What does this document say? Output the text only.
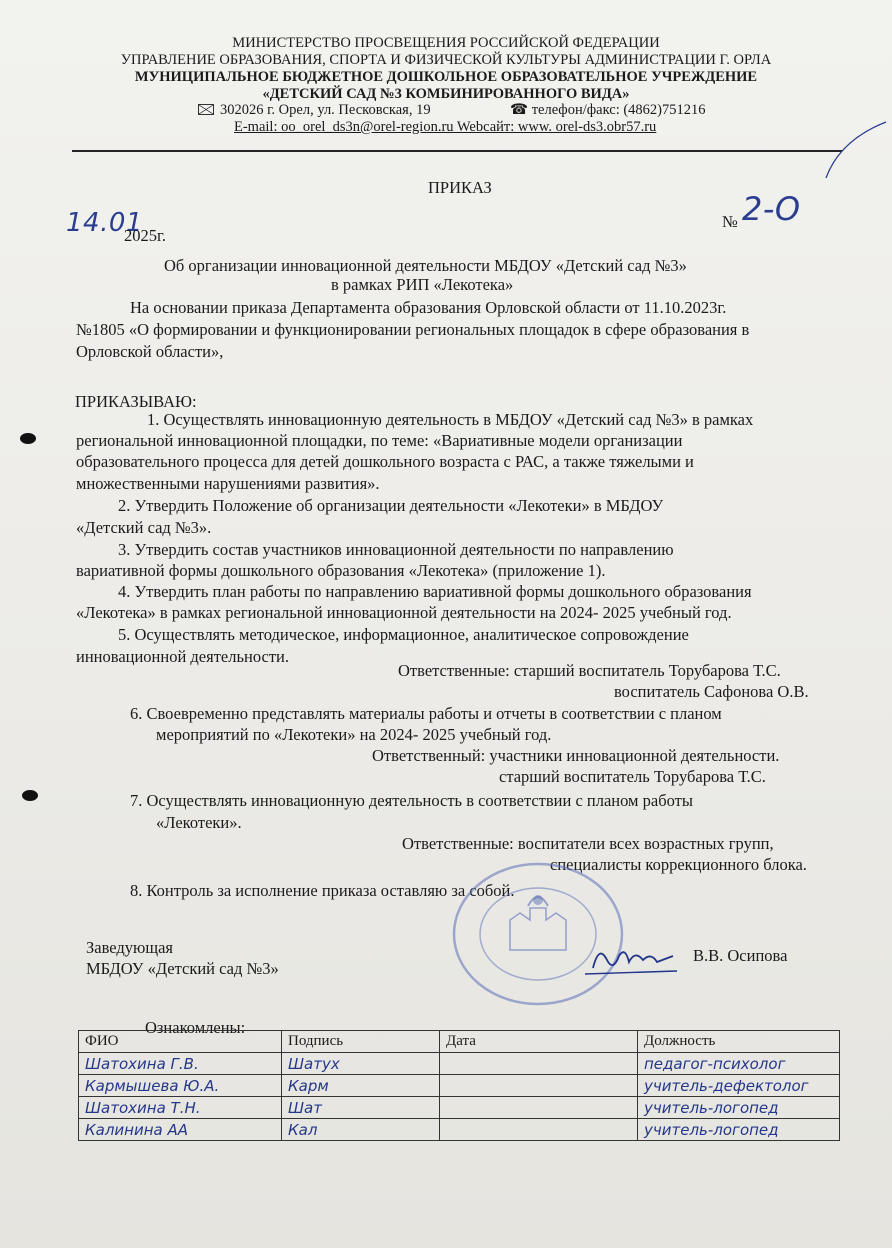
МИНИСТЕРСТВО ПРОСВЕЩЕНИЯ РОССИЙСКОЙ ФЕДЕРАЦИИ
УПРАВЛЕНИЕ ОБРАЗОВАНИЯ, СПОРТА И ФИЗИЧЕСКОЙ КУЛЬТУРЫ АДМИНИСТРАЦИИ Г. ОРЛА
МУНИЦИПАЛЬНОЕ БЮДЖЕТНОЕ ДОШКОЛЬНОЕ ОБРАЗОВАТЕЛЬНОЕ УЧРЕЖДЕНИЕ
«ДЕТСКИЙ САД №3 КОМБИНИРОВАННОГО ВИДА»
302026 г. Орел, ул. Песковская, 19	☎ телефон/факс: (4862)751216
E-mail: oo_orel_ds3n@orel-region.ru Webсайт: www. orel-ds3.obr57.ru
ПРИКАЗ
14.01
2025г.
№ 2-О
Об организации инновационной деятельности МБДОУ «Детский сад №3»
в рамках РИП «Лекотека»
На основании приказа Департамента образования Орловской области от 11.10.2023г.
№1805 «О формировании и функционировании региональных площадок в сфере образования в
Орловской области»,
ПРИКАЗЫВАЮ:
1. Осуществлять инновационную деятельность в МБДОУ «Детский сад №3» в рамках
региональной инновационной площадки, по теме: «Вариативные модели организации
образовательного процесса для детей дошкольного возраста с РАС, а также тяжелыми и
множественными нарушениями развития».
2. Утвердить Положение об организации деятельности «Лекотеки» в МБДОУ
«Детский сад №3».
3. Утвердить состав участников инновационной деятельности по направлению
вариативной формы дошкольного образования «Лекотека» (приложение 1).
4. Утвердить план работы по направлению вариативной формы дошкольного образования
«Лекотека» в рамках региональной инновационной деятельности на 2024- 2025 учебный год.
5. Осуществлять методическое, информационное, аналитическое сопровождение
инновационной деятельности.
Ответственные: старший воспитатель Торубарова Т.С.
воспитатель Сафонова О.В.
6. Своевременно представлять материалы работы и отчеты в соответствии с планом
мероприятий по «Лекотеки» на 2024- 2025 учебный год.
Ответственный: участники инновационной деятельности.
старший воспитатель Торубарова Т.С.
7. Осуществлять инновационную деятельность в соответствии с планом работы
«Лекотеки».
Ответственные: воспитатели всех возрастных групп,
специалисты коррекционного блока.
8. Контроль за исполнение приказа оставляю за собой.
Заведующая
МБДОУ «Детский сад №3»
В.В. Осипова
Ознакомлены:
ФИО	Подпись	Дата	Должность
Шатохина Г.В.	Шатух		педагог-психолог
Кармышева Ю.А.	Карм		учитель-дефектолог
Шатохина Т.Н.	Шат		учитель-логопед
Калинина АА	Кал		учитель-логопед
